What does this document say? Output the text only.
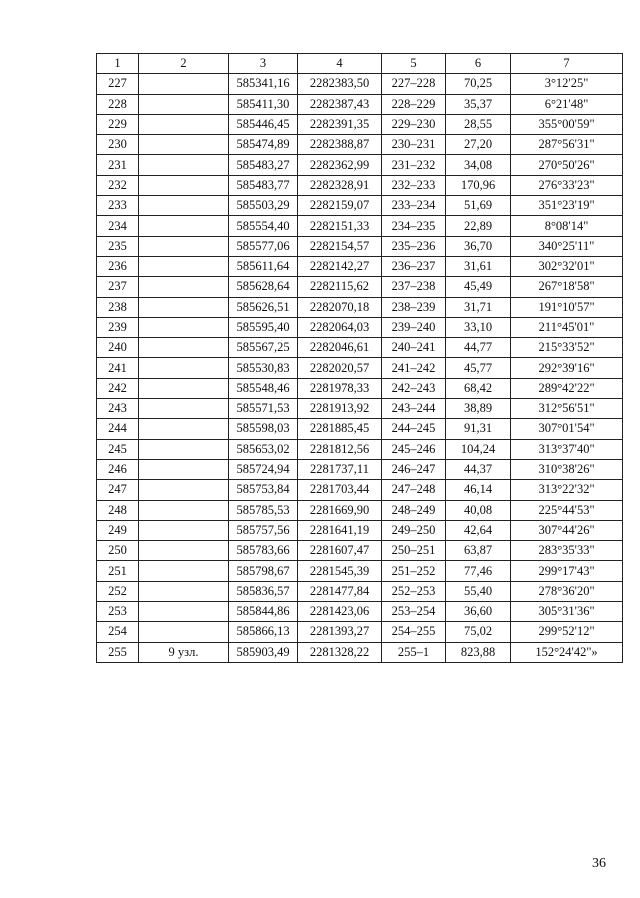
1	2	3	4	5	6	7
227		585341,16	2282383,50	227–228	70,25	3°12'25"
228		585411,30	2282387,43	228–229	35,37	6°21'48"
229		585446,45	2282391,35	229–230	28,55	355°00'59"
230		585474,89	2282388,87	230–231	27,20	287°56'31"
231		585483,27	2282362,99	231–232	34,08	270°50'26"
232		585483,77	2282328,91	232–233	170,96	276°33'23"
233		585503,29	2282159,07	233–234	51,69	351°23'19"
234		585554,40	2282151,33	234–235	22,89	8°08'14"
235		585577,06	2282154,57	235–236	36,70	340°25'11"
236		585611,64	2282142,27	236–237	31,61	302°32'01"
237		585628,64	2282115,62	237–238	45,49	267°18'58"
238		585626,51	2282070,18	238–239	31,71	191°10'57"
239		585595,40	2282064,03	239–240	33,10	211°45'01"
240		585567,25	2282046,61	240–241	44,77	215°33'52"
241		585530,83	2282020,57	241–242	45,77	292°39'16"
242		585548,46	2281978,33	242–243	68,42	289°42'22"
243		585571,53	2281913,92	243–244	38,89	312°56'51"
244		585598,03	2281885,45	244–245	91,31	307°01'54"
245		585653,02	2281812,56	245–246	104,24	313°37'40"
246		585724,94	2281737,11	246–247	44,37	310°38'26"
247		585753,84	2281703,44	247–248	46,14	313°22'32"
248		585785,53	2281669,90	248–249	40,08	225°44'53"
249		585757,56	2281641,19	249–250	42,64	307°44'26"
250		585783,66	2281607,47	250–251	63,87	283°35'33"
251		585798,67	2281545,39	251–252	77,46	299°17'43"
252		585836,57	2281477,84	252–253	55,40	278°36'20"
253		585844,86	2281423,06	253–254	36,60	305°31'36"
254		585866,13	2281393,27	254–255	75,02	299°52'12"
255	9 узл.	585903,49	2281328,22	255–1	823,88	152°24'42"»
36
